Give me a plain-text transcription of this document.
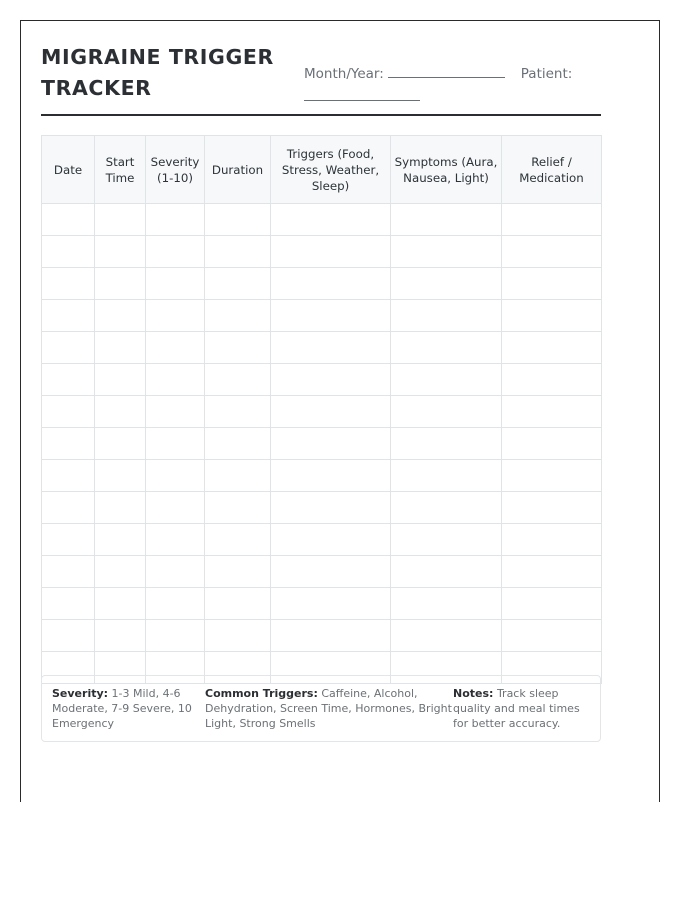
MIGRAINE TRIGGER TRACKER
Month/Year:	Patient:

Date	Start Time	Severity (1-10)	Duration	Triggers (Food, Stress, Weather, Sleep)	Symptoms (Aura, Nausea, Light)	Relief / Medication

Severity: 1-3 Mild, 4-6 Moderate, 7-9 Severe, 10 Emergency
Common Triggers: Caffeine, Alcohol, Dehydration, Screen Time, Hormones, Bright Light, Strong Smells
Notes: Track sleep quality and meal times for better accuracy.
